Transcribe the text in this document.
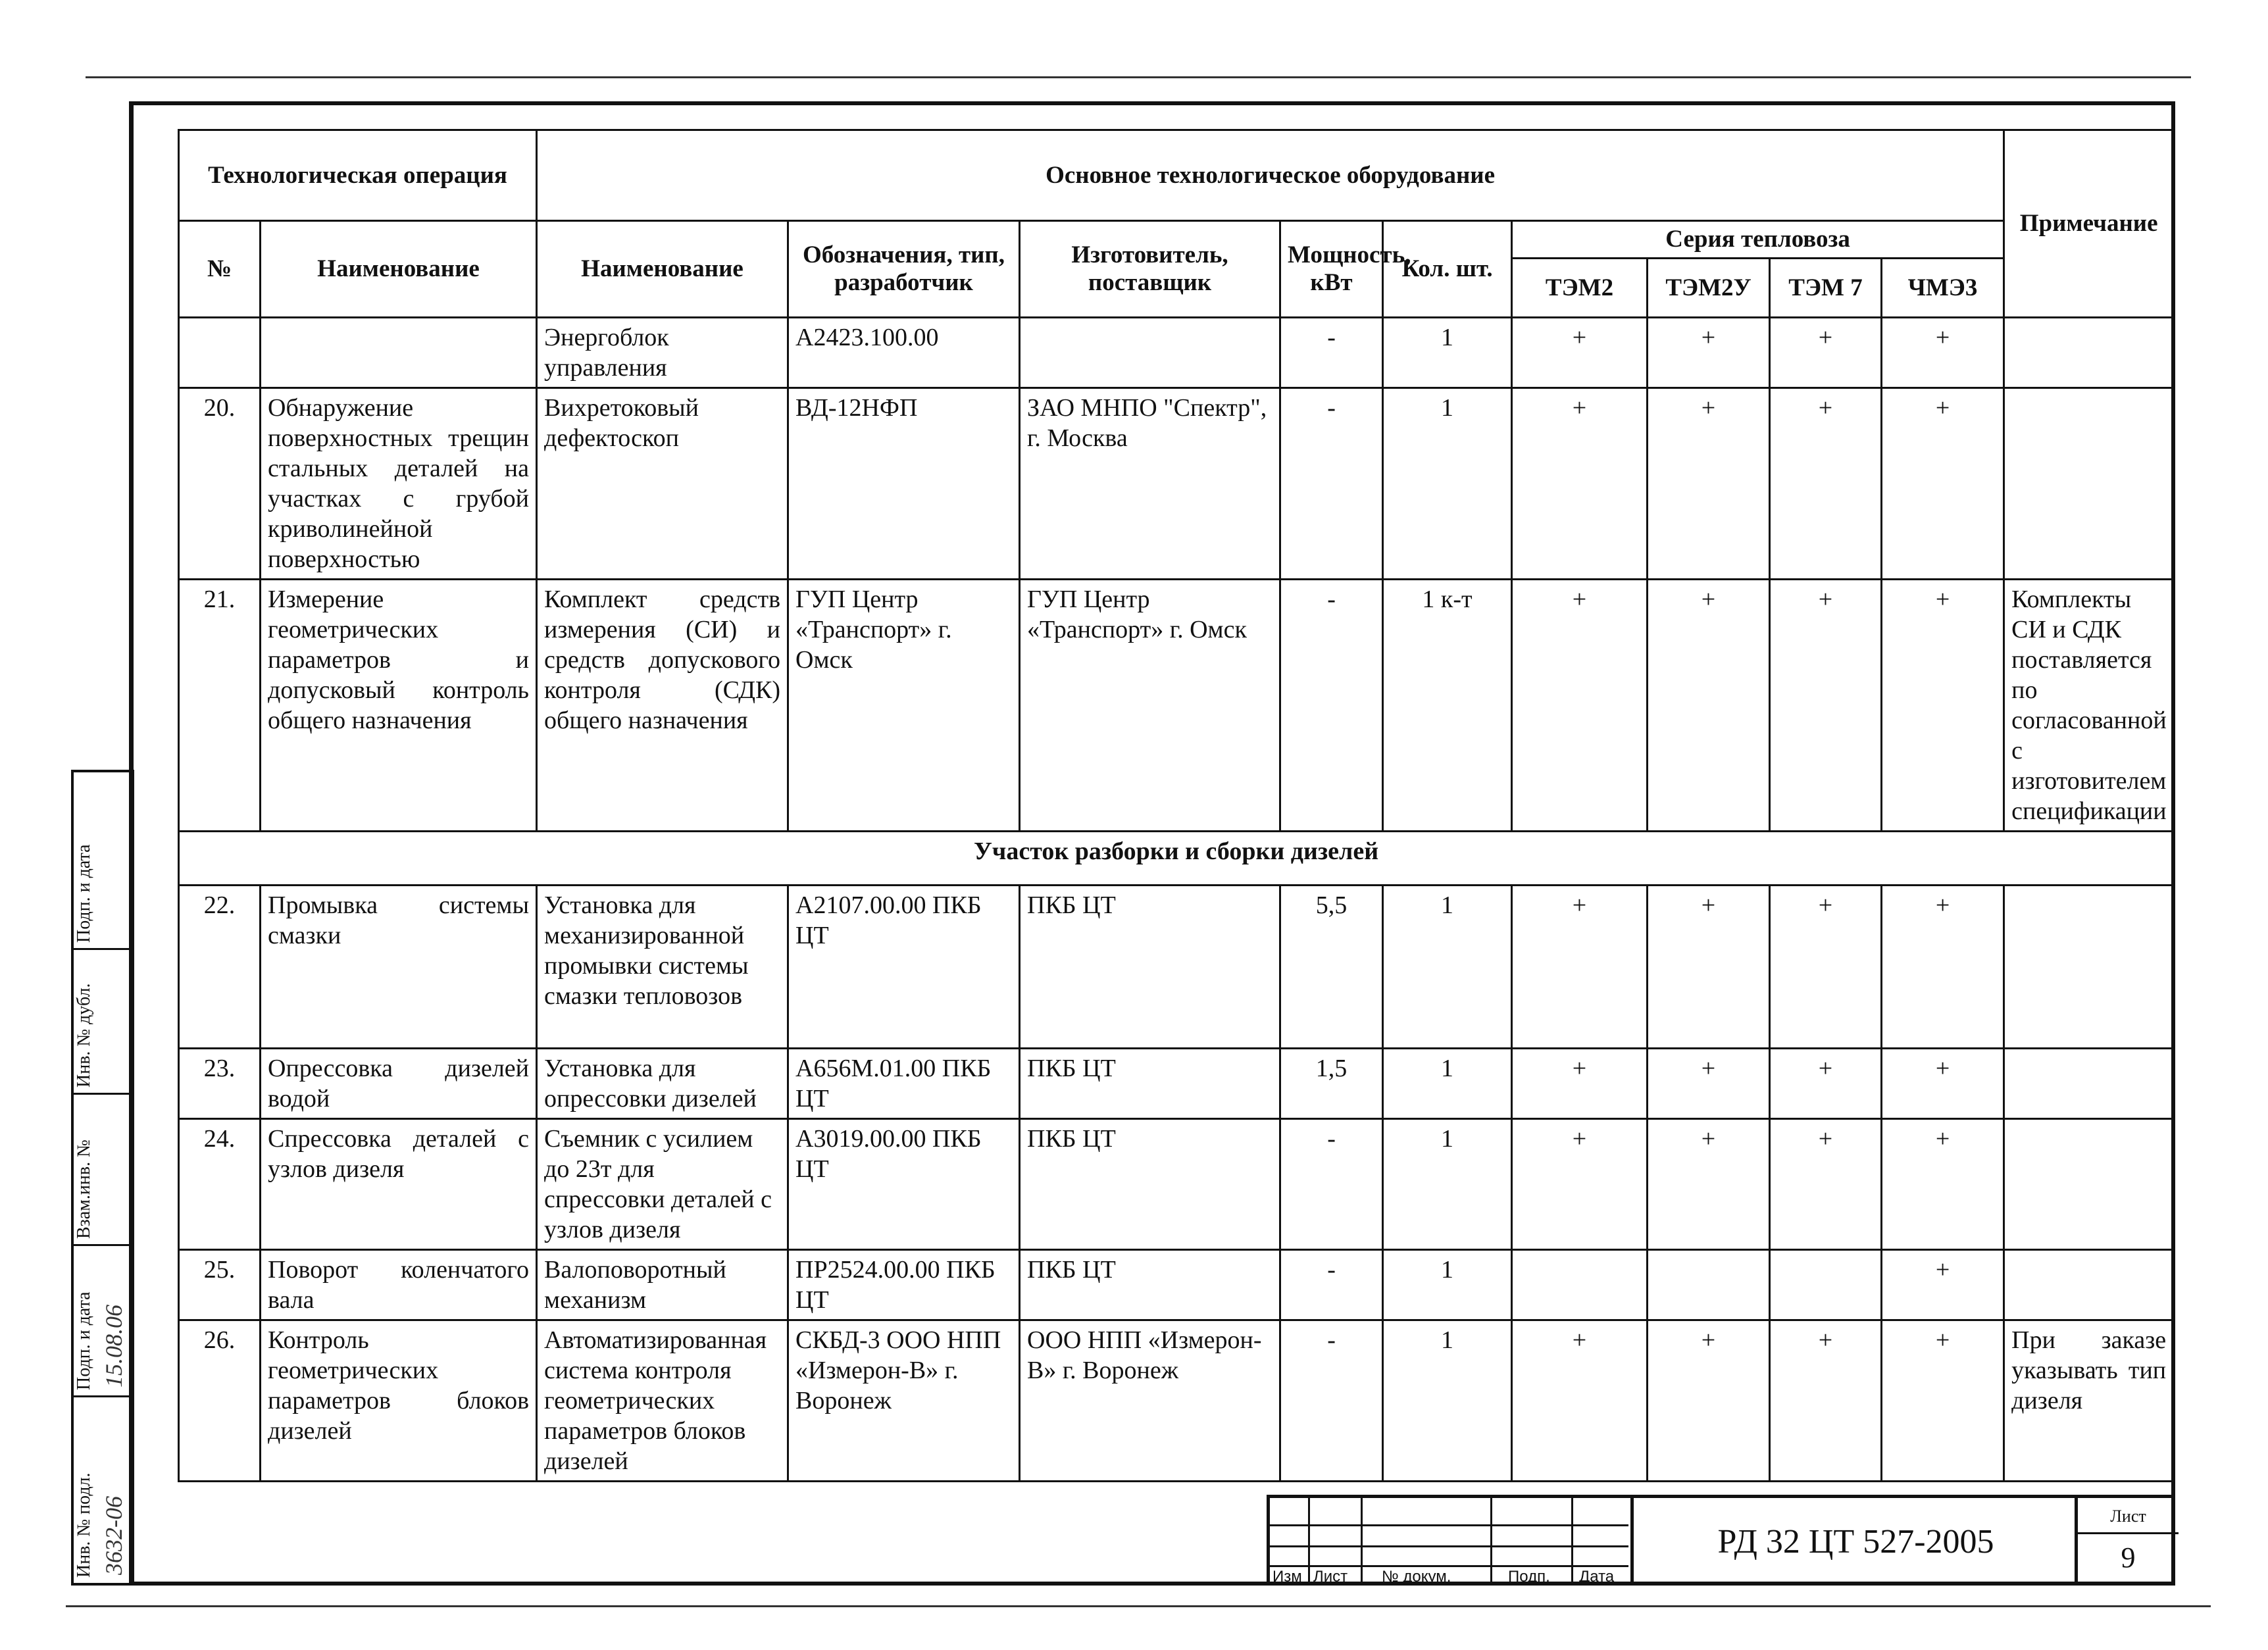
Подп. и дата
Инв. № дубл.
Взам.инв. №
Подп. и дата 15.08.06
Инв. № подл. 3632-06
Технологическая операция		Основное технологическое оборудование									Примечание
№	Наименование	Наименование	Обозначения, тип, разработчик	Изготовитель, поставщик	Мощность, кВт	Кол. шт.	Серия тепловоза				
							ТЭМ2	ТЭМ2У	ТЭМ 7	ЧМЭ3	
		Энергоблок управления	А2423.100.00		-	1	+	+	+	+	
20.	Обнаружение поверхностных трещин стальных деталей на участках с грубой криволинейной поверхностью	Вихретоковый дефектоскоп	ВД-12НФП	ЗАО МНПО "Спектр", г. Москва	-	1	+	+	+	+	
21.	Измерение геометрических параметров и допусковый контроль общего назначения	Комплект средств измерения (СИ) и средств допускового контроля (СДК) общего назначения	ГУП Центр «Транспорт» г. Омск	ГУП Центр «Транспорт» г. Омск	-	1 к-т	+	+	+	+	Комплекты СИ и СДК поставляется по согласованной с изготовителем спецификации
Участок разборки и сборки дизелей											
22.	Промывка системы смазки	Установка для механизированной промывки системы смазки тепловозов	А2107.00.00 ПКБ ЦТ	ПКБ ЦТ	5,5	1	+	+	+	+	
23.	Опрессовка дизелей водой	Установка для опрессовки дизелей	А656М.01.00 ПКБ ЦТ	ПКБ ЦТ	1,5	1	+	+	+	+	
24.	Спрессовка деталей с узлов дизеля	Съемник с усилием до 23т для спрессовки деталей с узлов дизеля	А3019.00.00 ПКБ ЦТ	ПКБ ЦТ	-	1	+	+	+	+	
25.	Поворот коленчатого вала	Валоповоротный механизм	ПР2524.00.00 ПКБ ЦТ	ПКБ ЦТ	-	1				+	
26.	Контроль геометрических параметров блоков дизелей	Автоматизированная система контроля геометрических параметров блоков дизелей	СКБД-3 ООО НПП «Измерон-В» г. Воронеж	ООО НПП «Измерон-В» г. Воронеж	-	1	+	+	+	+	При заказе указывать тип дизеля
Изм Лист № докум.	Подп. Дата
РД 32 ЦТ 527-2005
Лист
9
